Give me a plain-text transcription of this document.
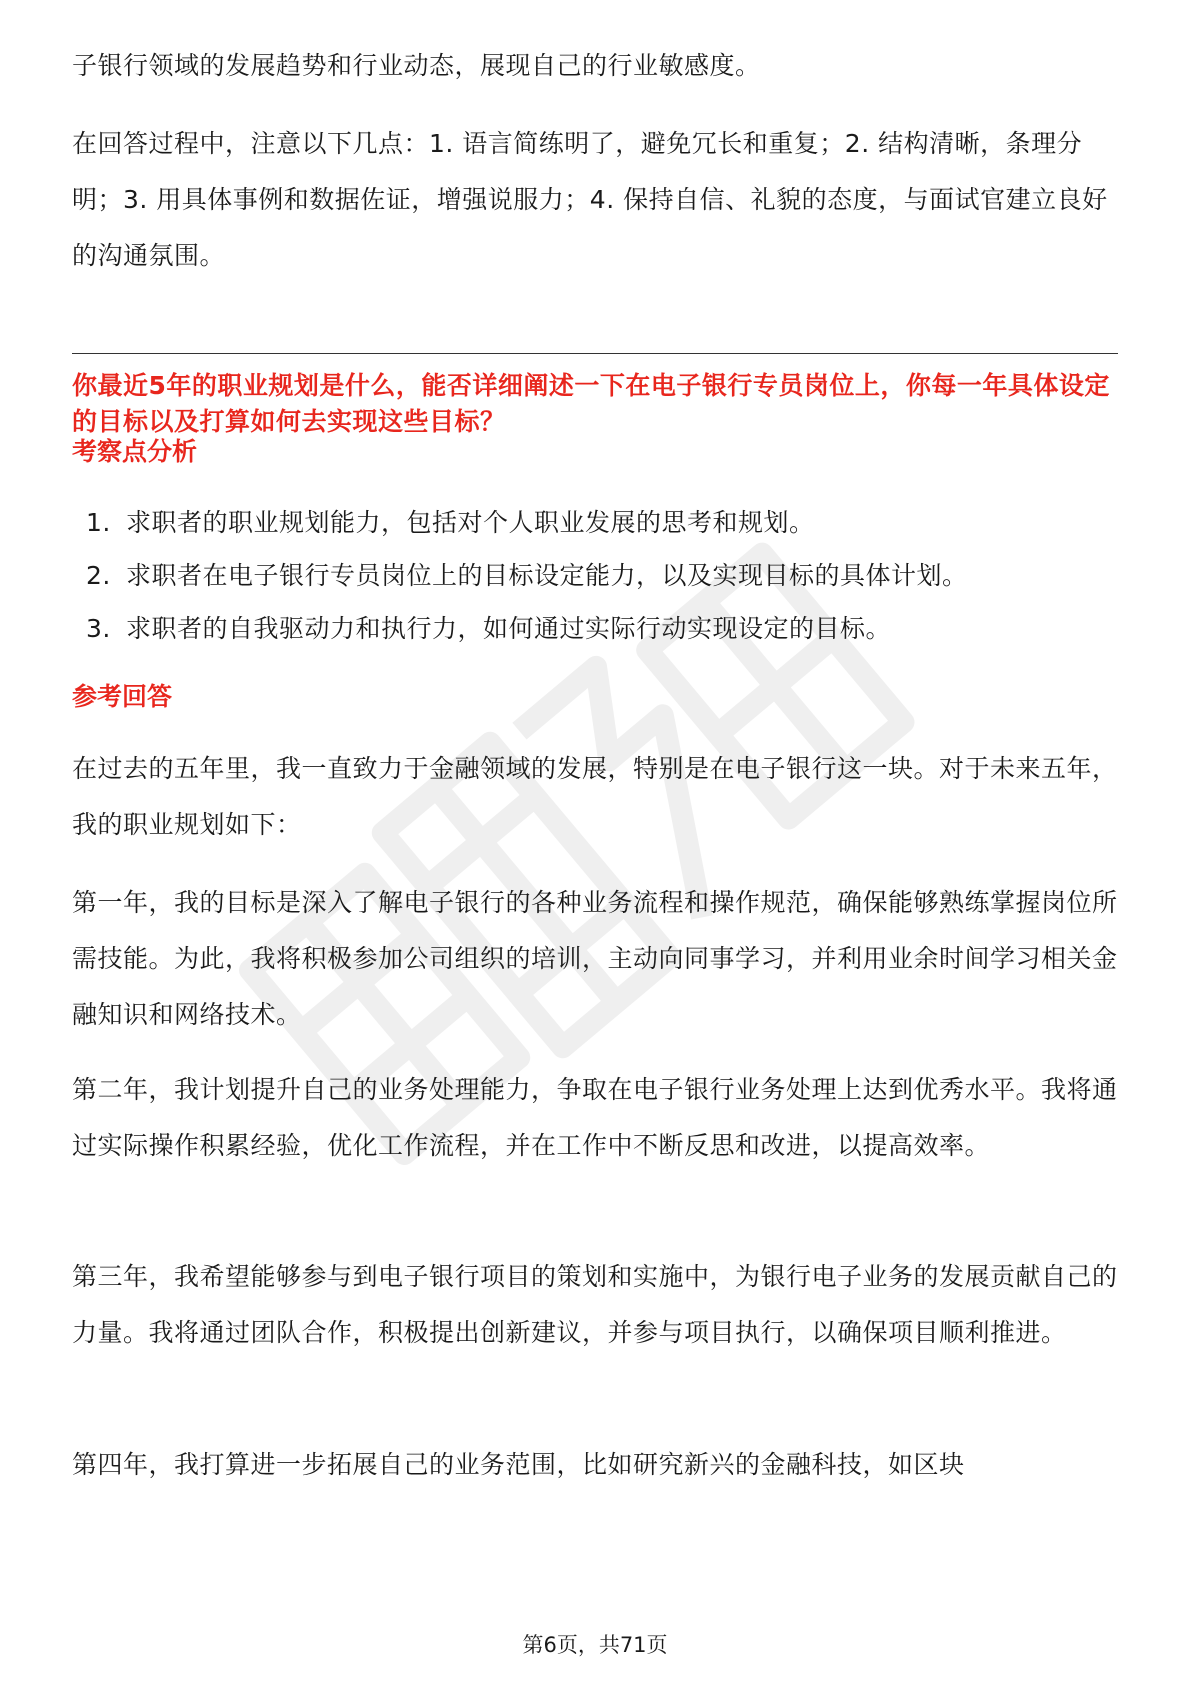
子银行领域的发展趋势和行业动态，展现自己的行业敏感度。

在回答过程中，注意以下几点：1. 语言简练明了，避免冗长和重复；2. 结构清晰，条理分明；3. 用具体事例和数据佐证，增强说服力；4. 保持自信、礼貌的态度，与面试官建立良好的沟通氛围。

你最近5年的职业规划是什么，能否详细阐述一下在电子银行专员岗位上，你每一年具体设定的目标以及打算如何去实现这些目标？

考察点分析

1. 求职者的职业规划能力，包括对个人职业发展的思考和规划。
2. 求职者在电子银行专员岗位上的目标设定能力，以及实现目标的具体计划。
3. 求职者的自我驱动力和执行力，如何通过实际行动实现设定的目标。

参考回答

在过去的五年里，我一直致力于金融领域的发展，特别是在电子银行这一块。对于未来五年，我的职业规划如下：

第一年，我的目标是深入了解电子银行的各种业务流程和操作规范，确保能够熟练掌握岗位所需技能。为此，我将积极参加公司组织的培训，主动向同事学习，并利用业余时间学习相关金融知识和网络技术。

第二年，我计划提升自己的业务处理能力，争取在电子银行业务处理上达到优秀水平。我将通过实际操作积累经验，优化工作流程，并在工作中不断反思和改进，以提高效率。

第三年，我希望能够参与到电子银行项目的策划和实施中，为银行电子业务的发展贡献自己的力量。我将通过团队合作，积极提出创新建议，并参与项目执行，以确保项目顺利推进。

第四年，我打算进一步拓展自己的业务范围，比如研究新兴的金融科技，如区块

第6页，共71页
